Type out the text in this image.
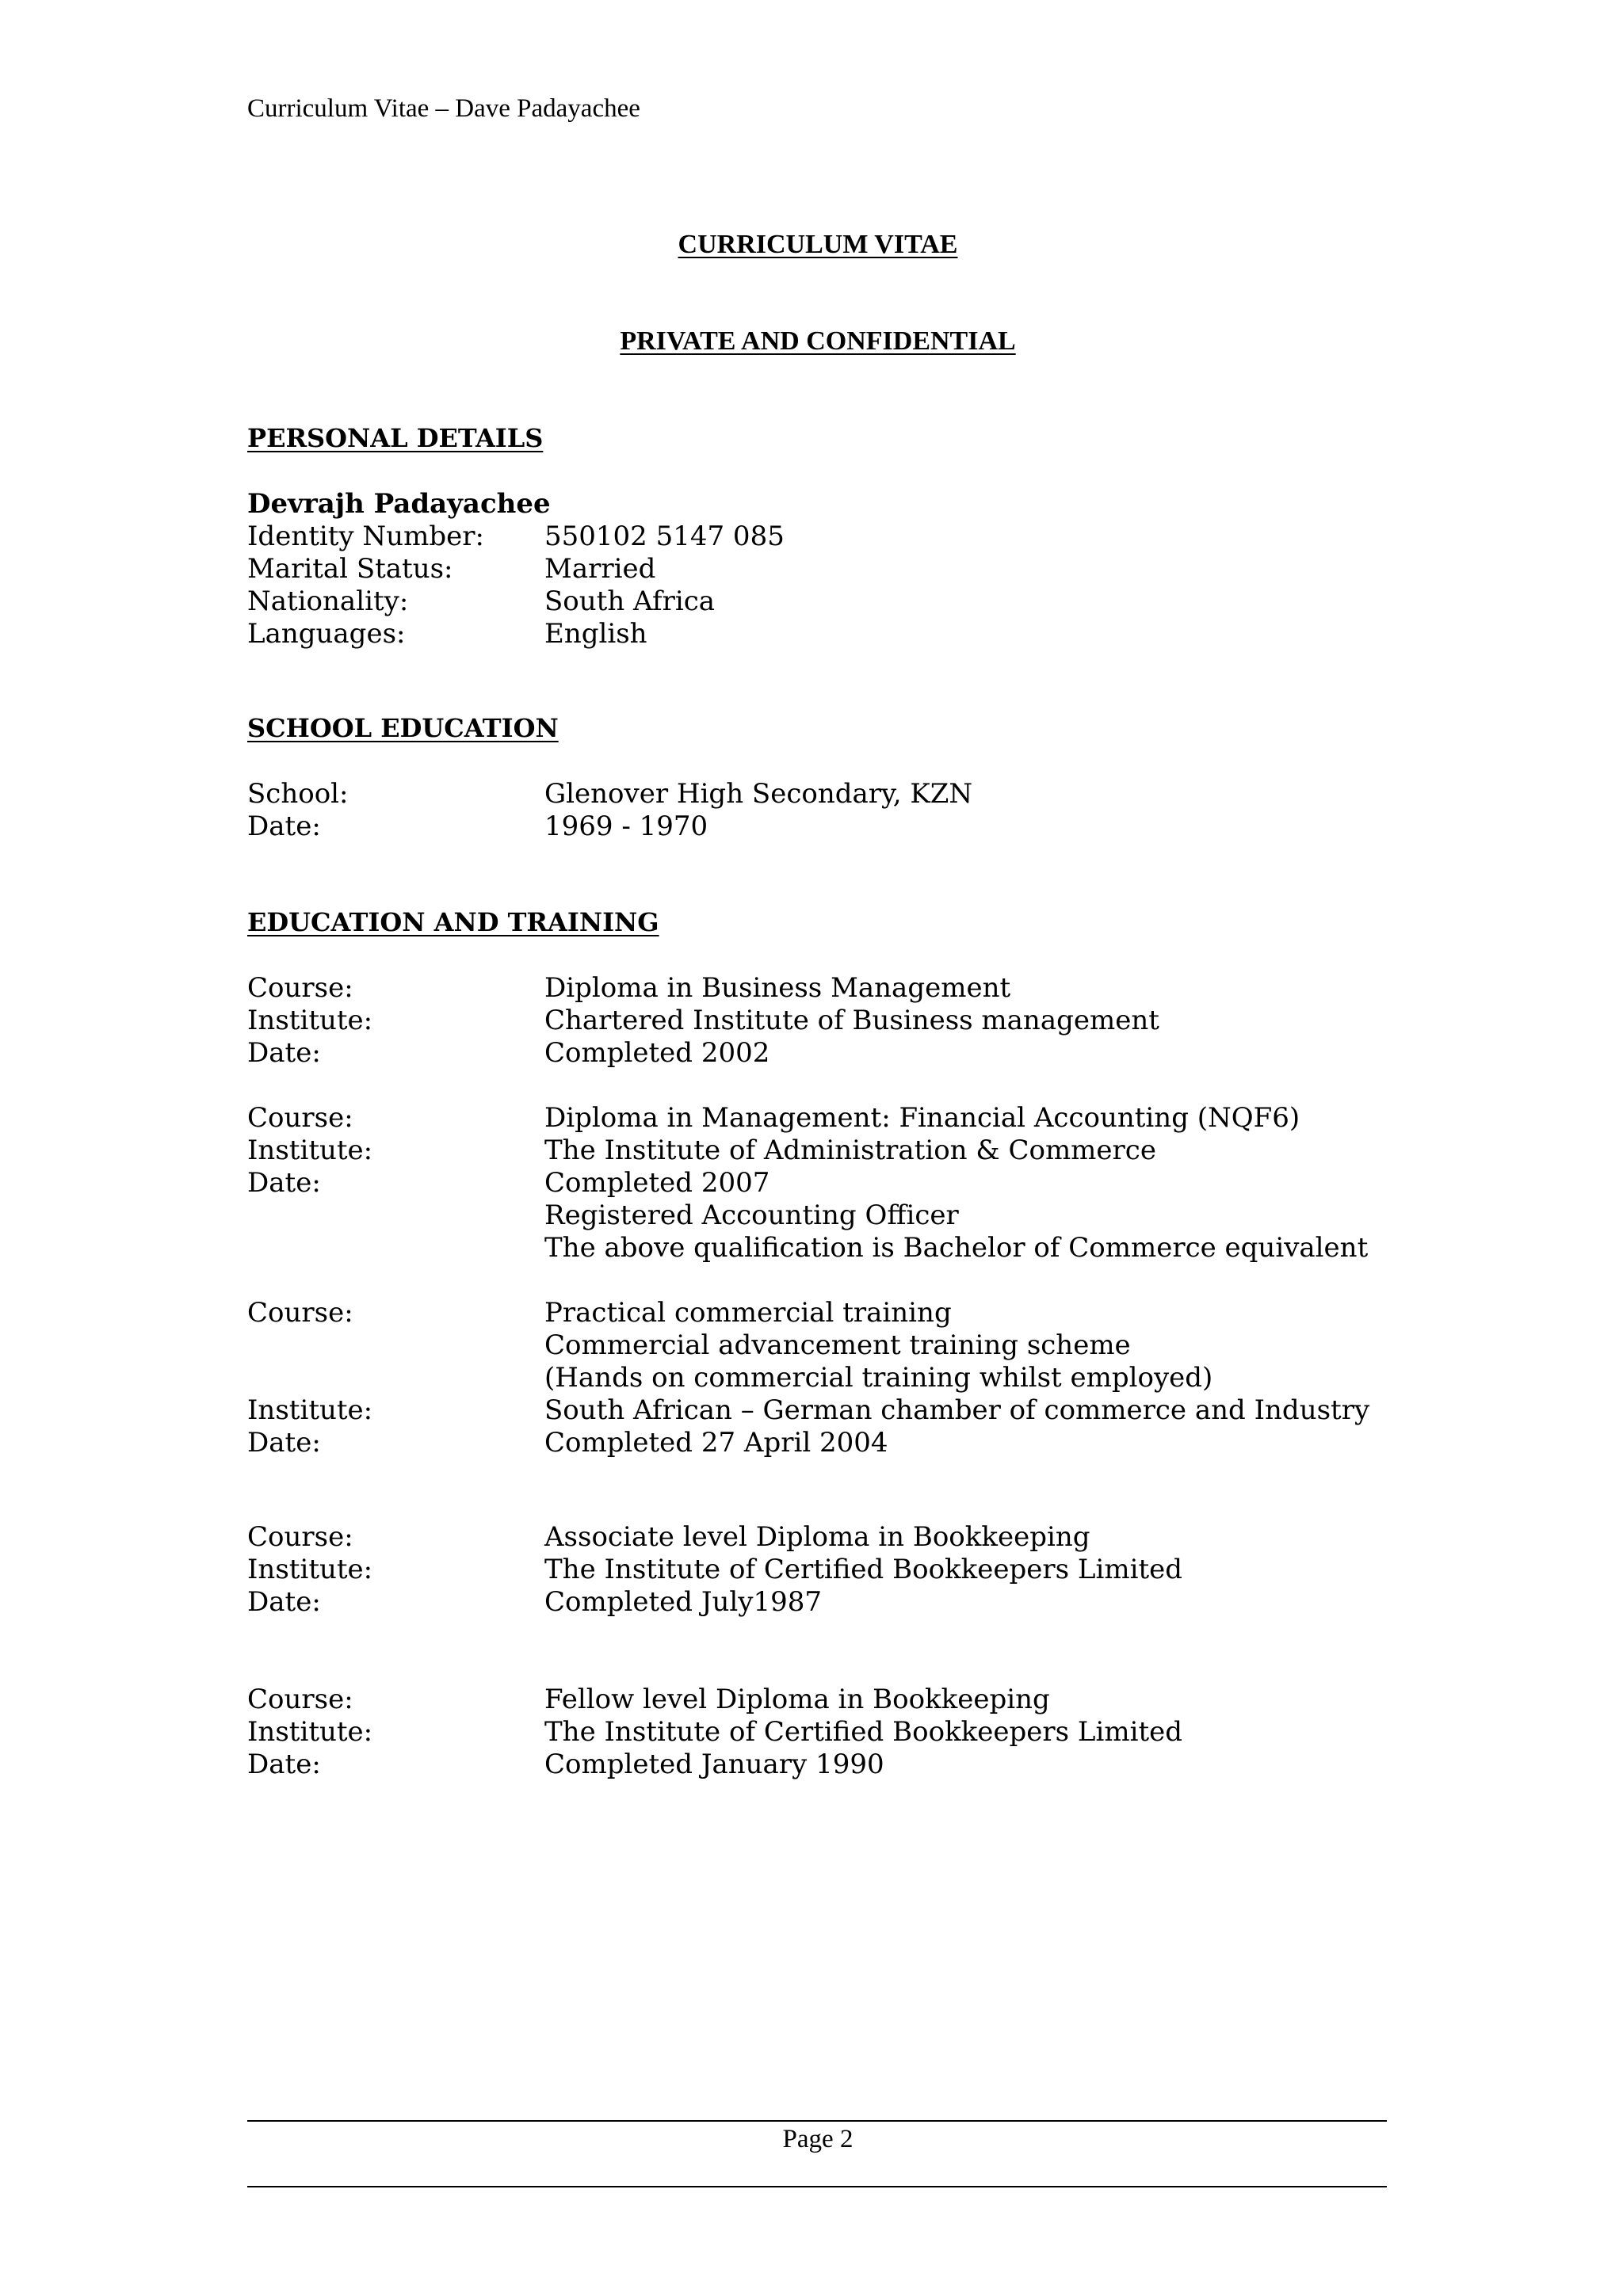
Curriculum Vitae – Dave Padayachee
CURRICULUM VITAE
PRIVATE AND CONFIDENTIAL
PERSONAL DETAILS
Devrajh Padayachee
Identity Number:	550102 5147 085
Marital Status:	Married
Nationality:	South Africa
Languages:	English
SCHOOL EDUCATION
School:	Glenover High Secondary, KZN
Date:	1969 - 1970
EDUCATION AND TRAINING
Course:	Diploma in Business Management
Institute:	Chartered Institute of Business management
Date:	Completed 2002
Course:	Diploma in Management: Financial Accounting (NQF6)
Institute:	The Institute of Administration & Commerce
Date:	Completed 2007
Registered Accounting Officer
The above qualification is Bachelor of Commerce equivalent
Course:	Practical commercial training
Commercial advancement training scheme
(Hands on commercial training whilst employed)
Institute:	South African – German chamber of commerce and Industry
Date:	Completed 27 April 2004
Course:	Associate level Diploma in Bookkeeping
Institute:	The Institute of Certified Bookkeepers Limited
Date:	Completed July1987
Course:	Fellow level Diploma in Bookkeeping
Institute:	The Institute of Certified Bookkeepers Limited
Date:	Completed January 1990
Page 2
